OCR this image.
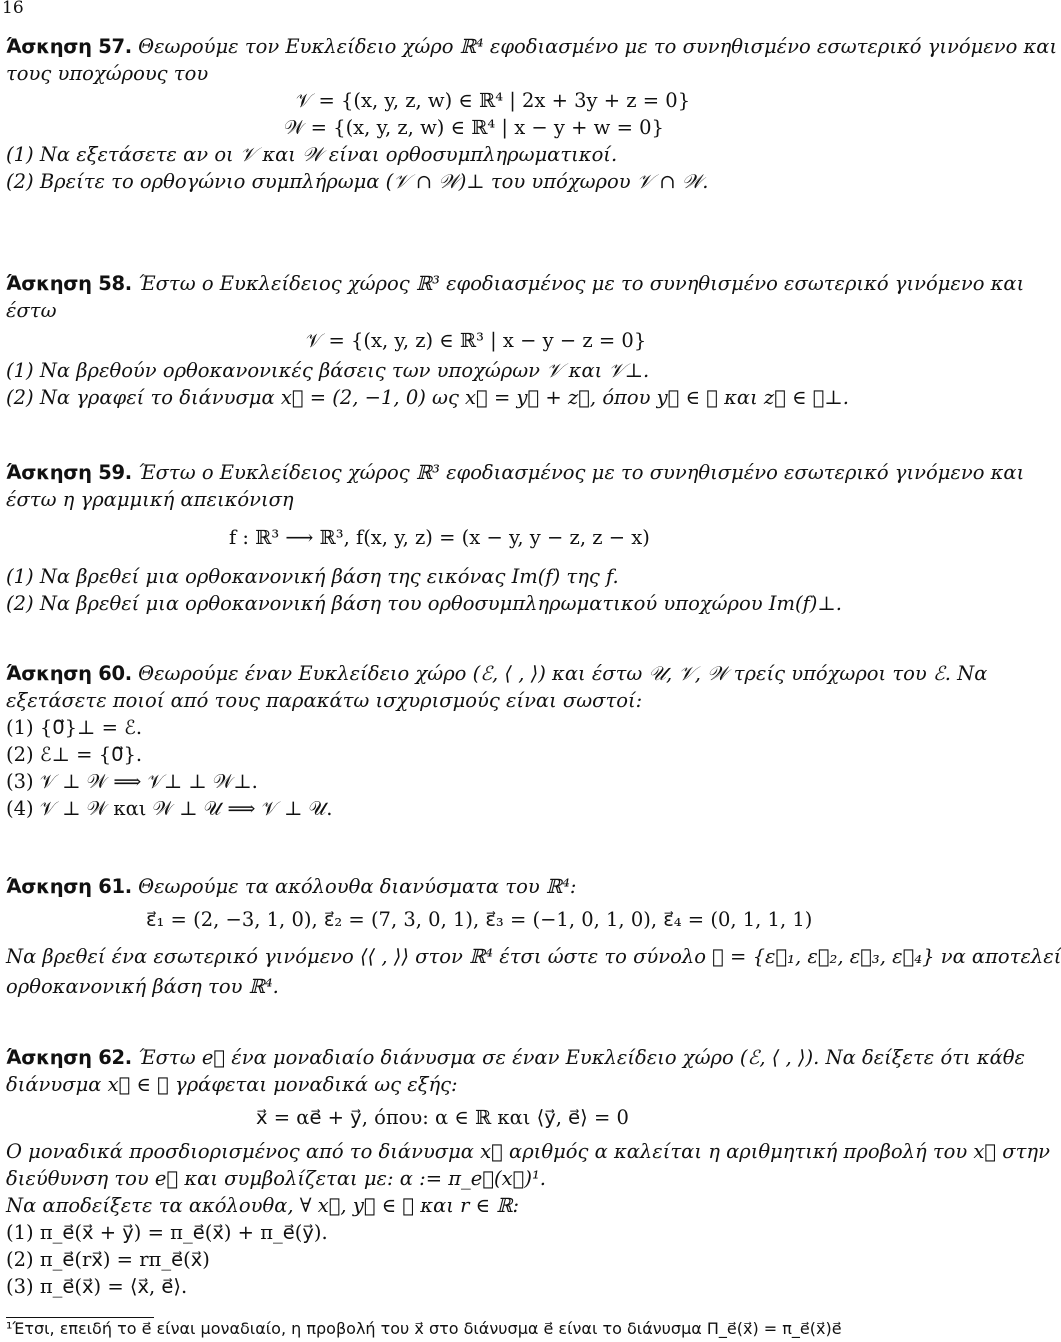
16
Άσκηση 57. Θεωρούμε τον Ευκλείδειο χώρο ℝ⁴ εφοδιασμένο με το συνηθισμένο εσωτερικό γινόμενο και
τους υποχώρους του
𝒱 = {(x, y, z, w) ∈ ℝ⁴ | 2x + 3y + z = 0}
𝒲 = {(x, y, z, w) ∈ ℝ⁴ | x − y + w = 0}
(1) Να εξετάσετε αν οι 𝒱 και 𝒲 είναι ορθοσυμπληρωματικοί.
(2) Βρείτε το ορθογώνιο συμπλήρωμα (𝒱 ∩ 𝒲)⊥ του υπόχωρου 𝒱 ∩ 𝒲.
Άσκηση 58. Έστω ο Ευκλείδειος χώρος ℝ³ εφοδιασμένος με το συνηθισμένο εσωτερικό γινόμενο και
έστω
𝒱 = {(x, y, z) ∈ ℝ³ | x − y − z = 0}
(1) Να βρεθούν ορθοκανονικές βάσεις των υποχώρων 𝒱 και 𝒱⊥.
(2) Να γραφεί το διάνυσμα x⃗ = (2, −1, 0) ως x⃗ = y⃗ + z⃗, όπου y⃗ ∈ 𝒱 και z⃗ ∈ 𝒱⊥.
Άσκηση 59. Έστω ο Ευκλείδειος χώρος ℝ³ εφοδιασμένος με το συνηθισμένο εσωτερικό γινόμενο και
έστω η γραμμική απεικόνιση
f : ℝ³ ⟶ ℝ³, f(x, y, z) = (x − y, y − z, z − x)
(1) Να βρεθεί μια ορθοκανονική βάση της εικόνας Im(f) της f.
(2) Να βρεθεί μια ορθοκανονική βάση του ορθοσυμπληρωματικού υποχώρου Im(f)⊥.
Άσκηση 60. Θεωρούμε έναν Ευκλείδειο χώρο (ℰ, ⟨ , ⟩) και έστω 𝒰, 𝒱, 𝒲 τρείς υπόχωροι του ℰ. Να
εξετάσετε ποιοί από τους παρακάτω ισχυρισμούς είναι σωστοί:
(1) {0⃗}⊥ = ℰ.
(2) ℰ⊥ = {0⃗}.
(3) 𝒱 ⊥ 𝒲 ⟹ 𝒱⊥ ⊥ 𝒲⊥.
(4) 𝒱 ⊥ 𝒲 και 𝒲 ⊥ 𝒰 ⟹ 𝒱 ⊥ 𝒰.
Άσκηση 61. Θεωρούμε τα ακόλουθα διανύσματα του ℝ⁴:
ε⃗₁ = (2, −3, 1, 0), ε⃗₂ = (7, 3, 0, 1), ε⃗₃ = (−1, 0, 1, 0), ε⃗₄ = (0, 1, 1, 1)
Να βρεθεί ένα εσωτερικό γινόμενο ⟨⟨ , ⟩⟩ στον ℝ⁴ έτσι ώστε το σύνολο ℬ = {ε⃗₁, ε⃗₂, ε⃗₃, ε⃗₄} να αποτελεί
ορθοκανονική βάση του ℝ⁴.
Άσκηση 62. Έστω e⃗ ένα μοναδιαίο διάνυσμα σε έναν Ευκλείδειο χώρο (ℰ, ⟨ , ⟩). Να δείξετε ότι κάθε
διάνυσμα x⃗ ∈ ℰ γράφεται μοναδικά ως εξής:
x⃗ = αe⃗ + y⃗, όπου: α ∈ ℝ και ⟨y⃗, e⃗⟩ = 0
Ο μοναδικά προσδιορισμένος από το διάνυσμα x⃗ αριθμός α καλείται η αριθμητική προβολή του x⃗ στην
διεύθυνση του e⃗ και συμβολίζεται με: α := π_e⃗(x⃗)¹.
Να αποδείξετε τα ακόλουθα, ∀ x⃗, y⃗ ∈ ℰ και r ∈ ℝ:
(1) π_e⃗(x⃗ + y⃗) = π_e⃗(x⃗) + π_e⃗(y⃗).
(2) π_e⃗(rx⃗) = rπ_e⃗(x⃗)
(3) π_e⃗(x⃗) = ⟨x⃗, e⃗⟩.
¹Έτσι, επειδή το e⃗ είναι μοναδιαίο, η προβολή του x⃗ στο διάνυσμα e⃗ είναι το διάνυσμα Π_e⃗(x⃗) = π_e⃗(x⃗)e⃗
